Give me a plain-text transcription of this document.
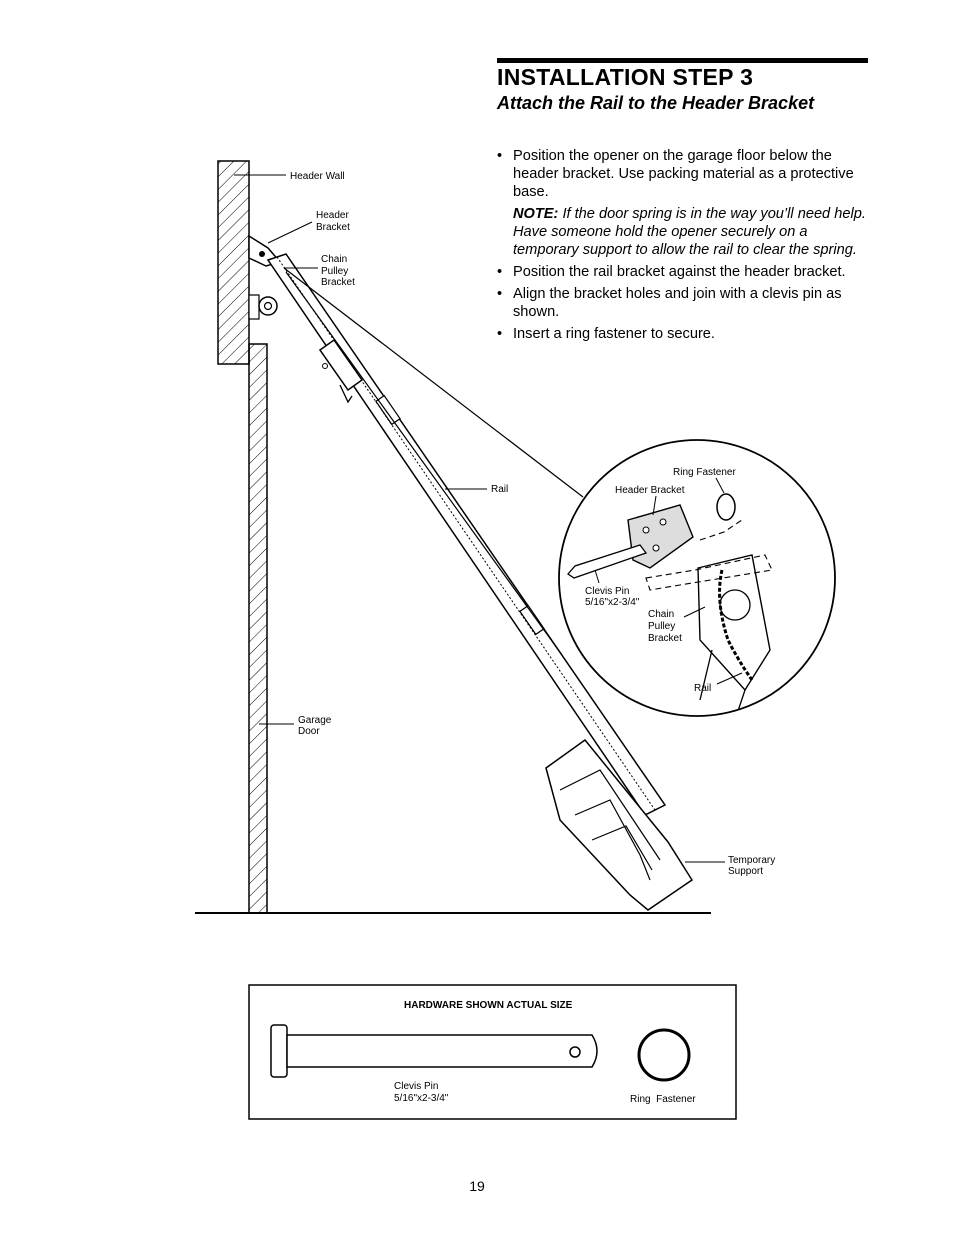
INSTALLATION STEP 3
Attach the Rail to the Header Bracket
• Position the opener on the garage floor below the header bracket. Use packing material as a protective base.
NOTE: If the door spring is in the way you’ll need help. Have someone hold the opener securely on a temporary support to allow the rail to clear the spring.
• Position the rail bracket against the header bracket.
• Align the bracket holes and join with a clevis pin as shown.
• Insert a ring fastener to secure.
Header Wall
Header
Bracket
Chain
Pulley
Bracket
Rail
Garage
Door
Temporary
Support
Ring Fastener
Header Bracket
Clevis Pin
5/16"x2-3/4"
Chain
Pulley
Bracket
Rail
HARDWARE SHOWN ACTUAL SIZE
Clevis Pin
5/16"x2-3/4"	Ring  Fastener
19
